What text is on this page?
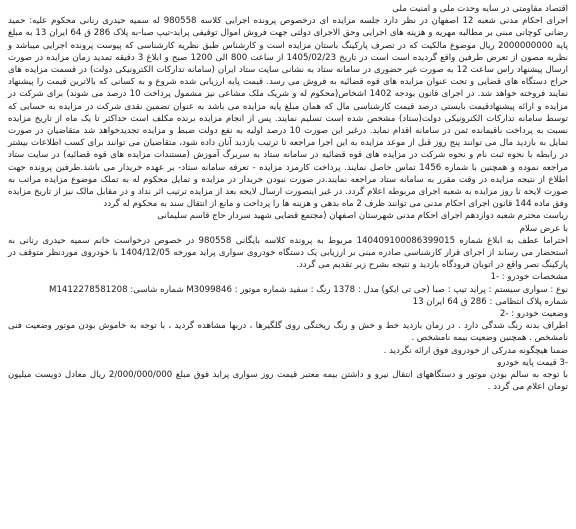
اقتصاد مقاومتی در سایه وحدت ملی و امنیت ملی

اجرای احکام مدنی شعبه 12 اصفهان در نظر دارد جلسه مزایده ای درخصوص پرونده اجرایی کلاسه 980558 له سمیه حیدری رنانی محکوم علیه: حمید رضانی کوچانی مبنی بر مطالبه مهریه و هزینه های اجرایی وحق الاجرای دولتی جهت فروش اموال توقیفی پراید-تیپ صبا-به پلاک 286 ق 64 ایران 13 به مبلغ پایه 2000000000 ریال موضوع مالکیت که در تصرف پارکینگ باستان مزایده است و کارشناس طبق نظریه کارشناسی که پیوست پرونده اجرایی میباشد و نظریه مصون از تعرض طرفین واقع گردیده است است در تاریخ 1405/02/23 از ساعت 800 الی 1200 صبح و ابلاغ 3 دقیقه تمدید زمان مزایده در صورت ارسال پیشنهاد راس ساعت 12 به صورت غیر حضوری در سامانه ستاد به نشانی سایت ستاد ایران (سامانه تدارکات الکترونیکی دولت) در قسمت مزایده های حراج دستگاه های قضایی و تحت عنوان مزایده های قوه قضائیه به فروش می رسد. قیمت پایه ارزیابی شده شروع و به کسانی که بالاترین قیمت را پیشنهاد نمایند فروخته خواهد شد. در اجرای قانون بودجه 1402 اشخاص(محکوم له و شریک ملک مشاعی نیز مشمول پرداخت 10 درصد می شوند) برای شرکت در مزایده و ارائه پیشنهادقیمت بایستی درصد قیمت کارشناسی مال که همان مبلغ پایه مزایده می باشد به عنوان تضمین نقدی شرکت در مزایده به حسابی که توسط سامانه تدارکات الکترونیکی دولت(ستاد) مشخص شده است تسلیم نمایند. پس از انجام مزایده برنده مکلف است حداکثر تا یک ماه از تاریخ مزایده نسبت به پرداخت باقیمانده ثمن در سامانه اقدام نماید. درغیر این صورت 10 درصد اولیه به نفع دولت ضبط و مزایده تجدیدخواهد شد متقاضیان در صورت تمایل به بازدید مال می توانند پنج روز قبل از موعد مزایده به این اجرا مراجعه تا ترتیب بازدید آنان داده شود، متقاضیان می توانند برای کسب اطلاعات بیشتر در رابطه با نحوه ثبت نام و نحوه شرکت در مزایده های قوه قضائیه در سامانه ستاد به سربرگ آموزش (مستندات مزایده های قوه قضائیه) در سایت ستاد مراجعه نموده و همچنین با شماره 1456 تماس حاصل نمایند. پرداخت کارمزد مزایده - تعرفه سامانه ستاد- بر عهده خریدار می باشد.طرفین پرونده جهت اطلاع از نتیجه مزایده در وقت مقرر به سامانه ستاد مراجعه نمایند.در صورت نبودن خریدار در مزایده و تمایل محکوم له به تملک موضوع مزایده مراتب به صورت لایحه تا روز مزایده به شعبه اجرای مربوطه اعلام گردد. در غیر اینصورت ارسال لایحه بعد از مزایده ترتیب اثر نداد و در مقابل مالک نیز از تاریخ مزایده وفق ماده 144 قانون اجرای احکام مدنی می توانند ظرف 2 ماه بدهی و هزینه ها را پرداخت و مانع از انتقال سند به محکوم له گردد

ریاست محترم شعبه دوازدهم اجرای احکام مدنی شهرستان اصفهان (مجتمع قضایی شهید سردار حاج قاسم سلیمانی

با عرض سلام

احتراما عطف به ابلاغ شماره 140409100086399015 مربوط به پرونده کلاسه بایگانی 980558 در خصوص درخواست خانم سمیه حیدری رنانی به استحضار می رساند از اجرای قرار کارشناسی صادره مبنی بر ارزیابی یک دستگاه خودروی سواری پراید مورخه 1404/12/05 با خودروی موردنظر متوقف در پارکینگ نصر واقع در اتوبان فرودگاه بازدید و نتیجه بشرح زیر تقدیم می گردد.

مشخصات خودرو : -1

نوع : سواری سیستم : پراید تیپ : صبا (جی تی ایکو) مدل : 1378 رنگ : سفید شماره موتور : M3099846 شماره شاسی: M1412278581208

شماره پلاک انتظامی : 286 ق 64 ایران 13

وضعیت خودرو : -2

اطراف بدنه رنگ شدگی دارد . در زمان بازدید خط و خش و رنگ ریختگی روی گلگیرها ، دربها مشاهده گردید ، با توجه به خاموش بودن موتور وضعیت فنی نامشخص . همچنین وضعیت بیمه نامشخص .

ضمنا هیچگونه مدرکی از خودروی فوق ارائه نگردید .

-3 قیمت پایه خودرو

با توجه به سالم بودن موتور و دستگاههای انتقال نیرو و داشتن بیمه معتبر قیمت روز سواری پراید فوق مبلغ 2/000/000/000 ریال معادل دویست میلیون تومان اعلام می گردد .
